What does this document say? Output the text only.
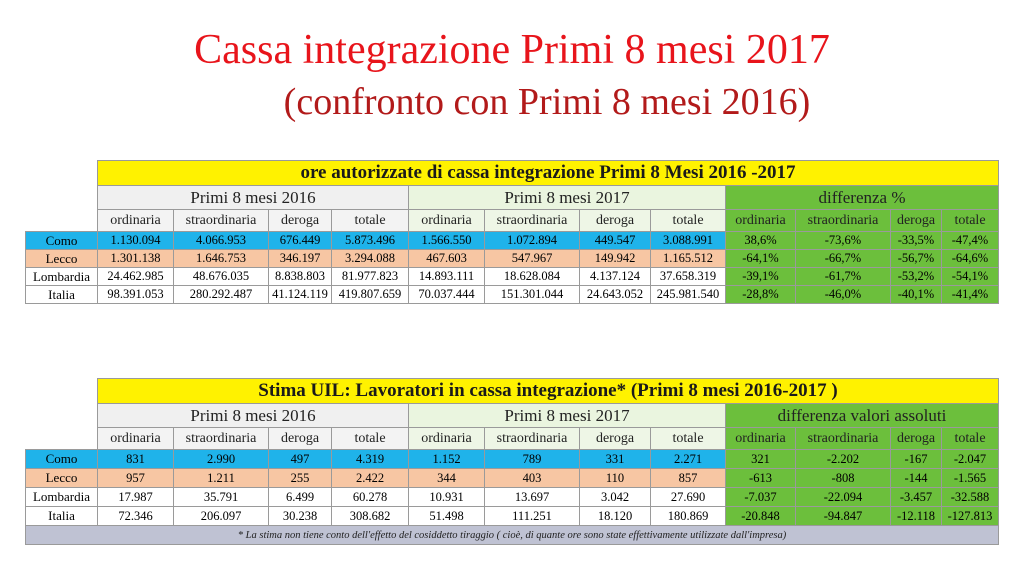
Cassa integrazione Primi 8 mesi 2017
(confronto con Primi 8 mesi 2016)
	ore autorizzate di cassa integrazione Primi 8 Mesi 2016 -2017											
	Primi 8 mesi 2016				Primi 8 mesi 2017				differenza %			
	ordinaria	straordinaria	deroga	totale	ordinaria	straordinaria	deroga	totale	ordinaria	straordinaria	deroga	totale
Como	1.130.094	4.066.953	676.449	5.873.496	1.566.550	1.072.894	449.547	3.088.991	38,6%	-73,6%	-33,5%	-47,4%
Lecco	1.301.138	1.646.753	346.197	3.294.088	467.603	547.967	149.942	1.165.512	-64,1%	-66,7%	-56,7%	-64,6%
Lombardia	24.462.985	48.676.035	8.838.803	81.977.823	14.893.111	18.628.084	4.137.124	37.658.319	-39,1%	-61,7%	-53,2%	-54,1%
Italia	98.391.053	280.292.487	41.124.119	419.807.659	70.037.444	151.301.044	24.643.052	245.981.540	-28,8%	-46,0%	-40,1%	-41,4%
	Stima UIL: Lavoratori in cassa integrazione* (Primi 8 mesi 2016-2017 )											
	Primi 8 mesi 2016				Primi 8 mesi 2017				differenza valori assoluti			
	ordinaria	straordinaria	deroga	totale	ordinaria	straordinaria	deroga	totale	ordinaria	straordinaria	deroga	totale
Como	831	2.990	497	4.319	1.152	789	331	2.271	321	-2.202	-167	-2.047
Lecco	957	1.211	255	2.422	344	403	110	857	-613	-808	-144	-1.565
Lombardia	17.987	35.791	6.499	60.278	10.931	13.697	3.042	27.690	-7.037	-22.094	-3.457	-32.588
Italia	72.346	206.097	30.238	308.682	51.498	111.251	18.120	180.869	-20.848	-94.847	-12.118	-127.813
* La stima non tiene conto dell'effetto del cosiddetto tiraggio ( cioè, di quante ore sono state effettivamente utilizzate dall'impresa)												
